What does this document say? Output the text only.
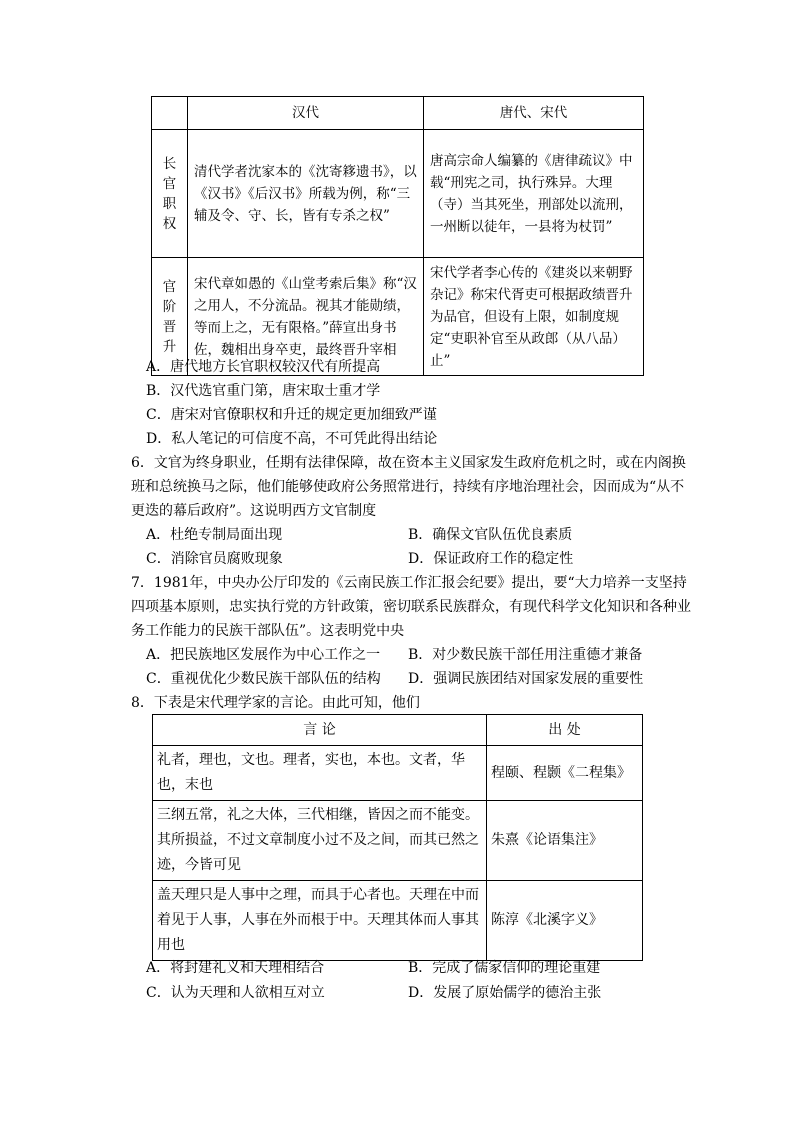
	汉代	唐代、宋代

长官职权	清代学者沈家本的《沈寄簃遗书》，以《汉书》《后汉书》所载为例，称“三辅及令、守、长，皆有专杀之权”	唐高宗命人编纂的《唐律疏议》中载“刑宪之司，执行殊异。大理（寺）当其死坐，刑部处以流刑，一州断以徒年，一县将为杖罚”

官阶晋升	宋代章如愚的《山堂考索后集》称“汉之用人，不分流品。视其才能勋绩，等而上之，无有限格。”薛宣出身书佐，魏相出身卒吏，最终晋升宰相	宋代学者李心传的《建炎以来朝野杂记》称宋代胥吏可根据政绩晋升为品官，但设有上限，如制度规定“吏职补官至从政郎（从八品）止”
A．唐代地方长官职权较汉代有所提高
B．汉代选官重门第，唐宋取士重才学
C．唐宋对官僚职权和升迁的规定更加细致严谨
D．私人笔记的可信度不高，不可凭此得出结论
6．文官为终身职业，任期有法律保障，故在资本主义国家发生政府危机之时，或在内阁换班和总统换马之际，他们能够使政府公务照常进行，持续有序地治理社会，因而成为“从不更迭的幕后政府”。这说明西方文官制度
A．杜绝专制局面出现	B．确保文官队伍优良素质
C．消除官员腐败现象	D．保证政府工作的稳定性
7．1981年，中央办公厅印发的《云南民族工作汇报会纪要》提出，要“大力培养一支坚持四项基本原则，忠实执行党的方针政策，密切联系民族群众，有现代科学文化知识和各种业务工作能力的民族干部队伍”。这表明党中央
A．把民族地区发展作为中心工作之一 B．对少数民族干部任用注重德才兼备
C．重视优化少数民族干部队伍的结构 D．强调民族团结对国家发展的重要性
8．下表是宋代理学家的言论。由此可知，他们
言 论	出 处
礼者，理也，文也。理者，实也，本也。文者，华也，末也	程颐、程颢《二程集》
三纲五常，礼之大体，三代相继，皆因之而不能变。其所损益，不过文章制度小过不及之间，而其已然之迹，今皆可见	朱熹《论语集注》
盖天理只是人事中之理，而具于心者也。天理在中而着见于人事，人事在外而根于中。天理其体而人事其用也	陈淳《北溪字义》
A．将封建礼义和天理相结合	B．完成了儒家信仰的理论重建
C．认为天理和人欲相互对立	D．发展了原始儒学的德治主张
